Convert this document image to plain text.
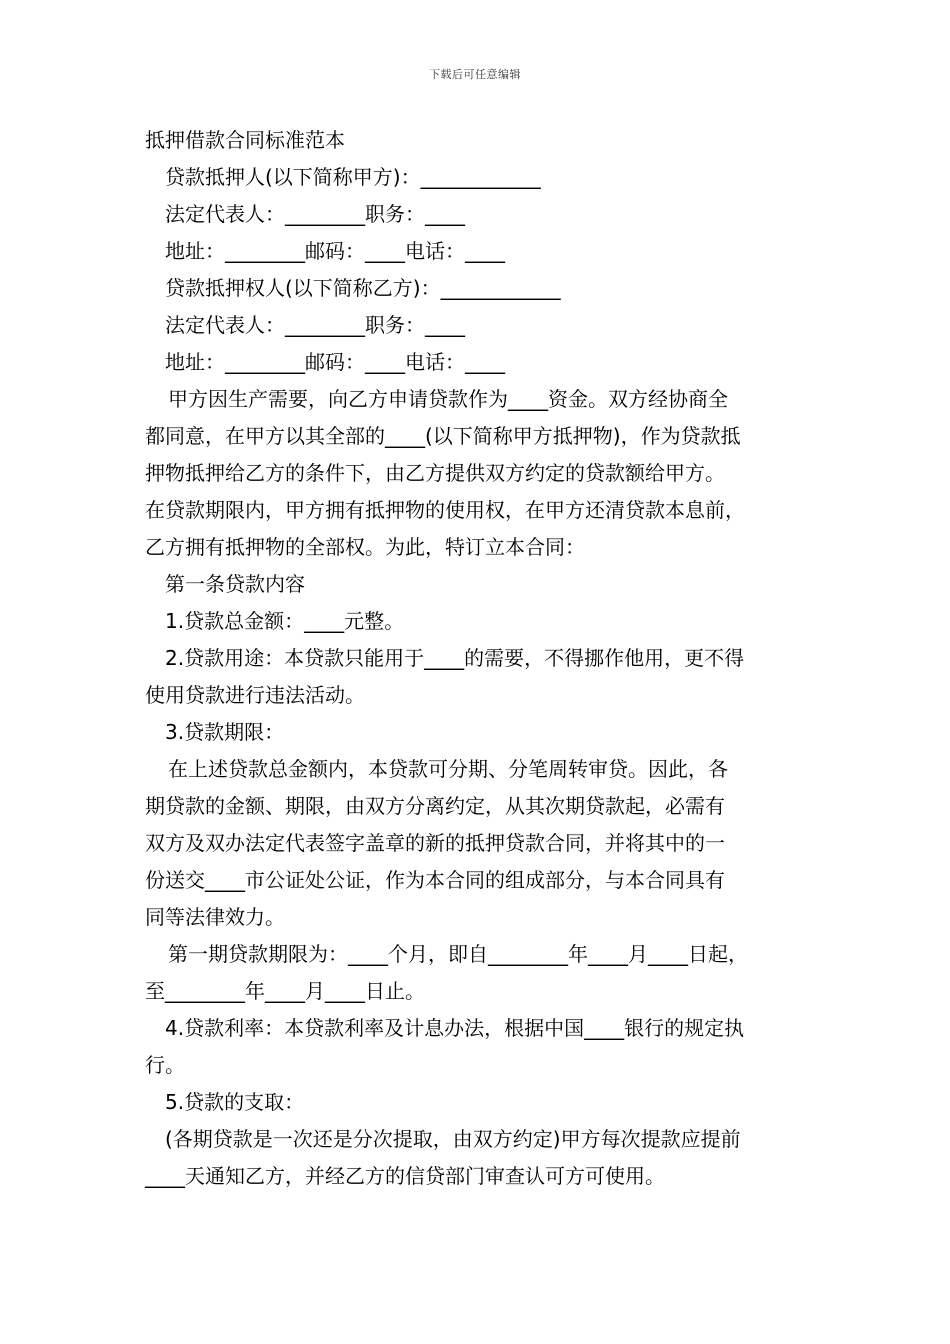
下载后可任意编辑

抵押借款合同标准范本

贷款抵押人(以下简称甲方)：____________

法定代表人：________职务：____

地址：________邮码：____电话：____

贷款抵押权人(以下简称乙方)：____________

法定代表人：________职务：____

地址：________邮码：____电话：____

甲方因生产需要，向乙方申请贷款作为____资金。双方经协商全

都同意，在甲方以其全部的____(以下简称甲方抵押物)，作为贷款抵

押物抵押给乙方的条件下，由乙方提供双方约定的贷款额给甲方。

在贷款期限内，甲方拥有抵押物的使用权，在甲方还清贷款本息前，

乙方拥有抵押物的全部权。为此，特订立本合同：

第一条贷款内容

1.贷款总金额：____元整。

2.贷款用途：本贷款只能用于____的需要，不得挪作他用，更不得

使用贷款进行违法活动。

3.贷款期限：

在上述贷款总金额内，本贷款可分期、分笔周转审贷。因此，各

期贷款的金额、期限，由双方分离约定，从其次期贷款起，必需有

双方及双办法定代表签字盖章的新的抵押贷款合同，并将其中的一

份送交____市公证处公证，作为本合同的组成部分，与本合同具有

同等法律效力。

第一期贷款期限为：____个月，即自________年____月____日起，

至________年____月____日止。

4.贷款利率：本贷款利率及计息办法，根据中国____银行的规定执

行。

5.贷款的支取：

(各期贷款是一次还是分次提取，由双方约定)甲方每次提款应提前

____天通知乙方，并经乙方的信贷部门审查认可方可使用。
